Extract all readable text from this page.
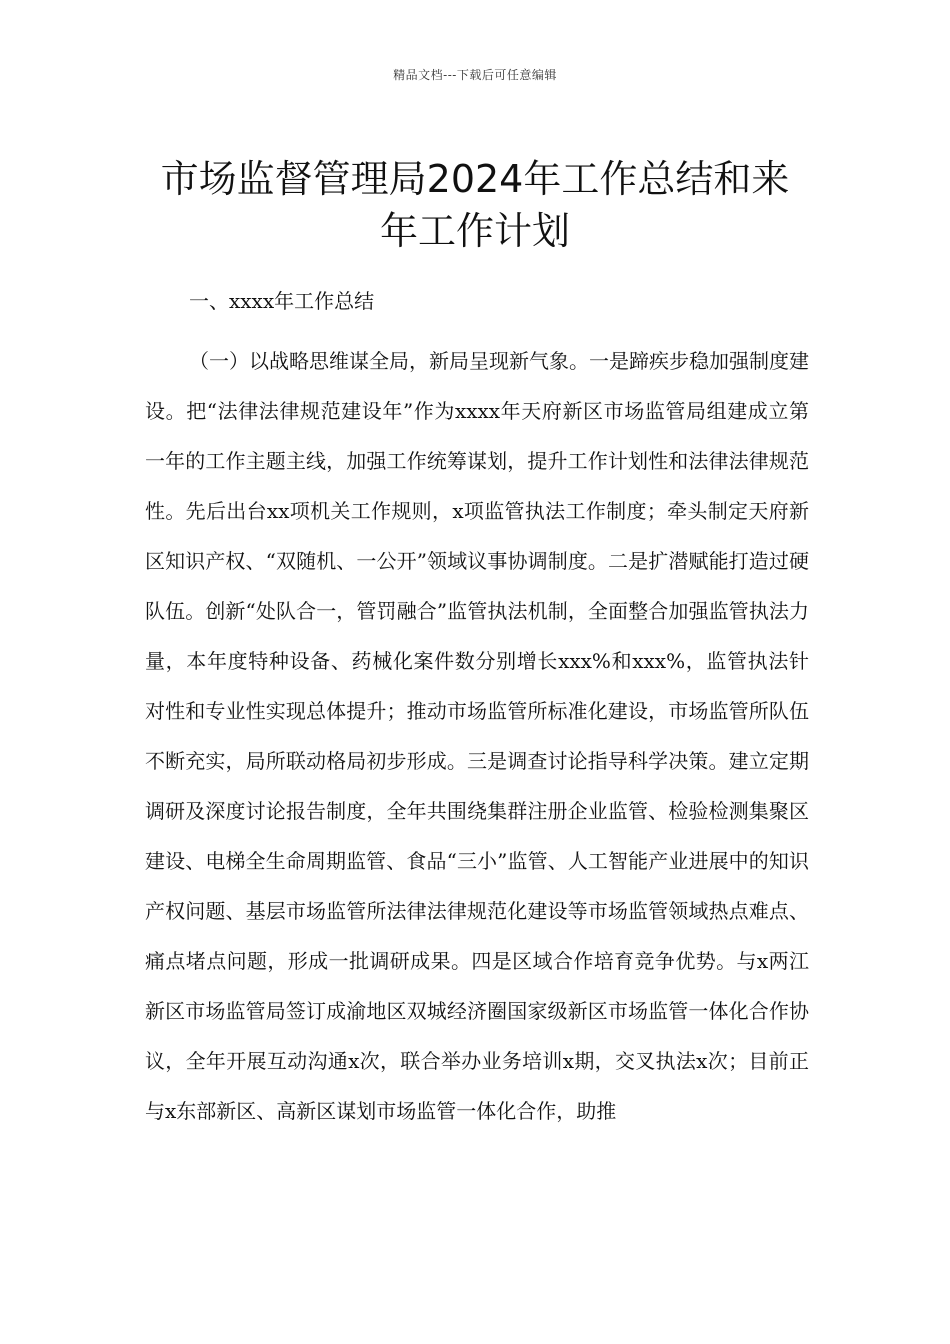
精品文档---下载后可任意编辑
市场监督管理局2024年工作总结和来
年工作计划

一、xxxx年工作总结

（一）以战略思维谋全局，新局呈现新气象。一是蹄疾步稳加强制度建设。把“法律法律规范建设年”作为xxxx年天府新区市场监管局组建成立第一年的工作主题主线，加强工作统筹谋划，提升工作计划性和法律法律规范性。先后出台xx项机关工作规则，x项监管执法工作制度；牵头制定天府新区知识产权、“双随机、一公开”领域议事协调制度。二是扩潜赋能打造过硬队伍。创新“处队合一，管罚融合”监管执法机制，全面整合加强监管执法力量，本年度特种设备、药械化案件数分别增长xxx%和xxx%，监管执法针对性和专业性实现总体提升；推动市场监管所标准化建设，市场监管所队伍不断充实，局所联动格局初步形成。三是调查讨论指导科学决策。建立定期调研及深度讨论报告制度，全年共围绕集群注册企业监管、检验检测集聚区建设、电梯全生命周期监管、食品“三小”监管、人工智能产业进展中的知识产权问题、基层市场监管所法律法律规范化建设等市场监管领域热点难点、痛点堵点问题，形成一批调研成果。四是区域合作培育竞争优势。与x两江新区市场监管局签订成渝地区双城经济圈国家级新区市场监管一体化合作协议，全年开展互动沟通x次，联合举办业务培训x期，交叉执法x次；目前正与x东部新区、高新区谋划市场监管一体化合作，助推
